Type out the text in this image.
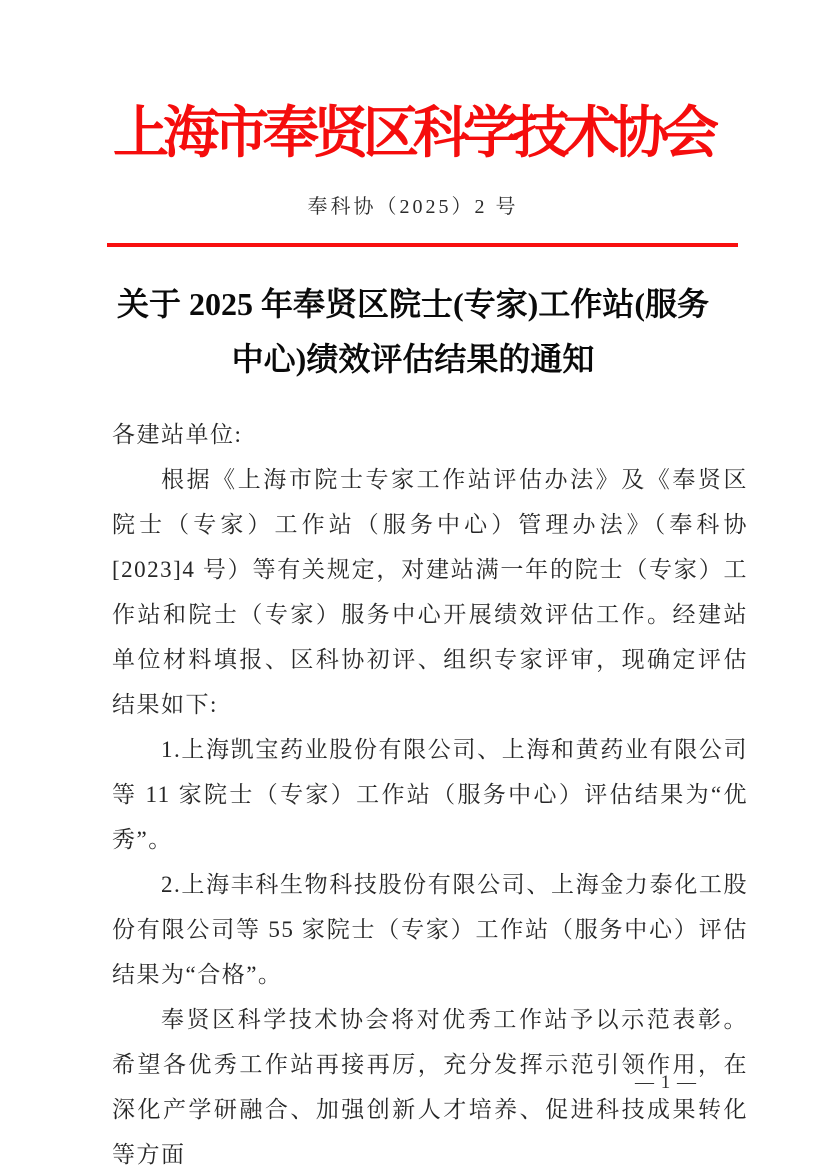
上海市奉贤区科学技术协会
奉科协（2025）2 号
关于 2025 年奉贤区院士(专家)工作站(服务
中心)绩效评估结果的通知

各建站单位:

根据《上海市院士专家工作站评估办法》及《奉贤区院士（专家）工作站（服务中心）管理办法》（奉科协[2023]4 号）等有关规定，对建站满一年的院士（专家）工作站和院士（专家）服务中心开展绩效评估工作。经建站单位材料填报、区科协初评、组织专家评审，现确定评估结果如下:

1.上海凯宝药业股份有限公司、上海和黄药业有限公司等 11 家院士（专家）工作站（服务中心）评估结果为“优秀”。

2.上海丰科生物科技股份有限公司、上海金力泰化工股份有限公司等 55 家院士（专家）工作站（服务中心）评估结果为“合格”。

奉贤区科学技术协会将对优秀工作站予以示范表彰。希望各优秀工作站再接再厉，充分发挥示范引领作用，在深化产学研融合、加强创新人才培养、促进科技成果转化等方面

— 1 —
